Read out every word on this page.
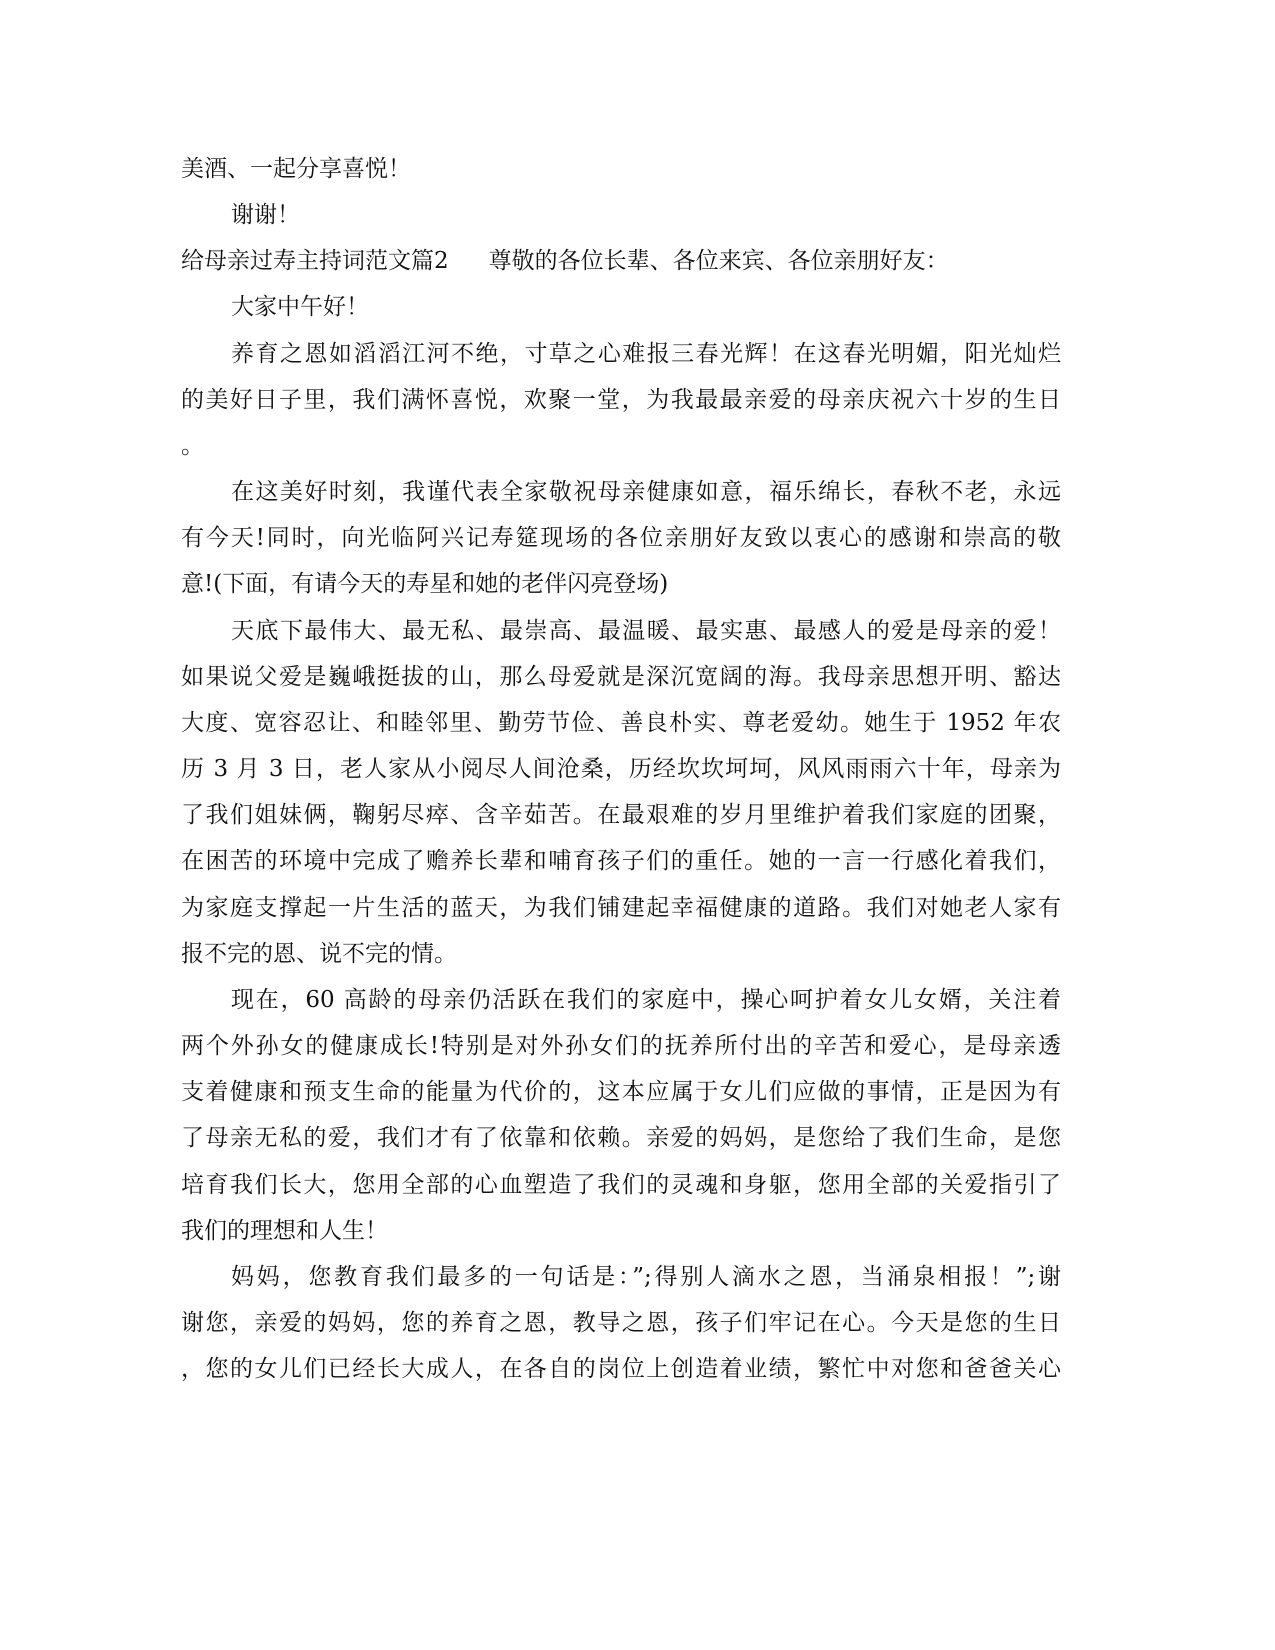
美酒、一起分享喜悦！
谢谢！
给母亲过寿主持词范文篇2 尊敬的各位长辈、各位来宾、各位亲朋好友：
大家中午好！
养育之恩如滔滔江河不绝，寸草之心难报三春光辉！在这春光明媚，阳光灿烂
的美好日子里，我们满怀喜悦，欢聚一堂，为我最最亲爱的母亲庆祝六十岁的生日
。
在这美好时刻，我谨代表全家敬祝母亲健康如意，福乐绵长，春秋不老，永远
有今天!同时，向光临阿兴记寿筵现场的各位亲朋好友致以衷心的感谢和崇高的敬
意!(下面，有请今天的寿星和她的老伴闪亮登场)
天底下最伟大、最无私、最崇高、最温暖、最实惠、最感人的爱是母亲的爱！
如果说父爱是巍峨挺拔的山，那么母爱就是深沉宽阔的海。我母亲思想开明、豁达
大度、宽容忍让、和睦邻里、勤劳节俭、善良朴实、尊老爱幼。她生于 1952 年农
历 3 月 3 日，老人家从小阅尽人间沧桑，历经坎坎坷坷，风风雨雨六十年，母亲为
了我们姐妹俩，鞠躬尽瘁、含辛茹苦。在最艰难的岁月里维护着我们家庭的团聚，
在困苦的环境中完成了赡养长辈和哺育孩子们的重任。她的一言一行感化着我们，
为家庭支撑起一片生活的蓝天，为我们铺建起幸福健康的道路。我们对她老人家有
报不完的恩、说不完的情。
现在，60 高龄的母亲仍活跃在我们的家庭中，操心呵护着女儿女婿，关注着
两个外孙女的健康成长!特别是对外孙女们的抚养所付出的辛苦和爱心，是母亲透
支着健康和预支生命的能量为代价的，这本应属于女儿们应做的事情，正是因为有
了母亲无私的爱，我们才有了依靠和依赖。亲爱的妈妈，是您给了我们生命，是您
培育我们长大，您用全部的心血塑造了我们的灵魂和身躯，您用全部的关爱指引了
我们的理想和人生！
妈妈，您教育我们最多的一句话是：”;得别人滴水之恩，当涌泉相报！”;谢
谢您，亲爱的妈妈，您的养育之恩，教导之恩，孩子们牢记在心。今天是您的生日
，您的女儿们已经长大成人，在各自的岗位上创造着业绩，繁忙中对您和爸爸关心
